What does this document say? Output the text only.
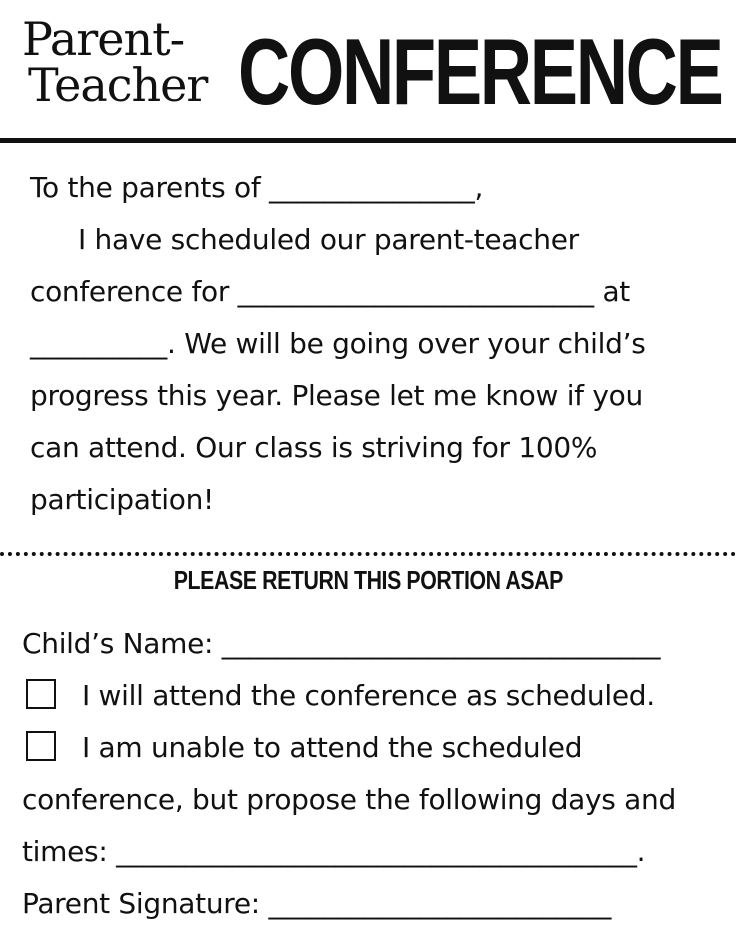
Parent-
Teacher CONFERENCE

To the parents of _______________,

I have scheduled our parent-teacher

conference for __________________________ at

__________. We will be going over your child’s

progress this year. Please let me know if you

can attend. Our class is striving for 100%

participation!

PLEASE RETURN THIS PORTION ASAP

Child’s Name: ________________________________

I will attend the conference as scheduled.

I am unable to attend the scheduled

conference, but propose the following days and

times: ______________________________________.

Parent Signature: _________________________
